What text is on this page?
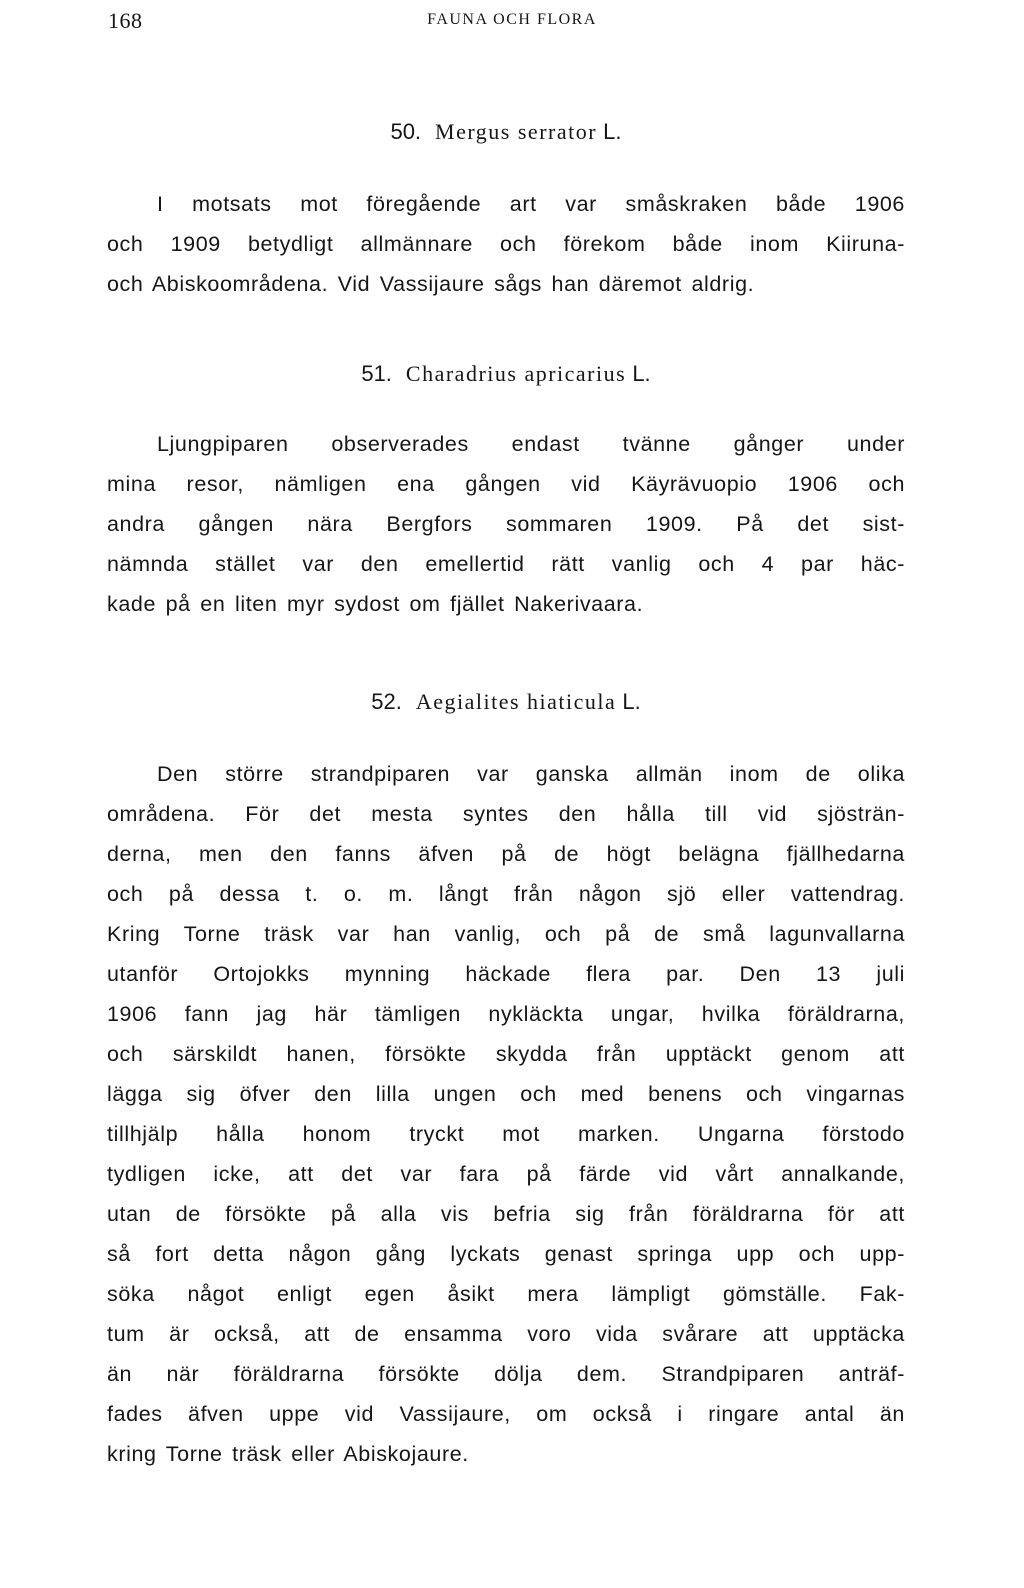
168	FAUNA OCH FLORA
50. Mergus serrator L.
I motsats mot föregående art var småskraken både 1906
och 1909 betydligt allmännare och förekom både inom Kiiruna-
och Abiskoområdena. Vid Vassijaure sågs han däremot aldrig.
51. Charadrius apricarius L.
Ljungpiparen observerades endast tvänne gånger under
mina resor, nämligen ena gången vid Käyrävuopio 1906 och
andra gången nära Bergfors sommaren 1909. På det sist-
nämnda stället var den emellertid rätt vanlig och 4 par häc-
kade på en liten myr sydost om fjället Nakerivaara.
52. Aegialites hiaticula L.
Den större strandpiparen var ganska allmän inom de olika
områdena. För det mesta syntes den hålla till vid sjösträn-
derna, men den fanns äfven på de högt belägna fjällhedarna
och på dessa t. o. m. långt från någon sjö eller vattendrag.
Kring Torne träsk var han vanlig, och på de små lagunvallarna
utanför Ortojokks mynning häckade flera par. Den 13 juli
1906 fann jag här tämligen nykläckta ungar, hvilka föräldrarna,
och särskildt hanen, försökte skydda från upptäckt genom att
lägga sig öfver den lilla ungen och med benens och vingarnas
tillhjälp hålla honom tryckt mot marken. Ungarna förstodo
tydligen icke, att det var fara på färde vid vårt annalkande,
utan de försökte på alla vis befria sig från föräldrarna för att
så fort detta någon gång lyckats genast springa upp och upp-
söka något enligt egen åsikt mera lämpligt gömställe. Fak-
tum är också, att de ensamma voro vida svårare att upptäcka
än när föräldrarna försökte dölja dem. Strandpiparen anträf-
fades äfven uppe vid Vassijaure, om också i ringare antal än
kring Torne träsk eller Abiskojaure.
